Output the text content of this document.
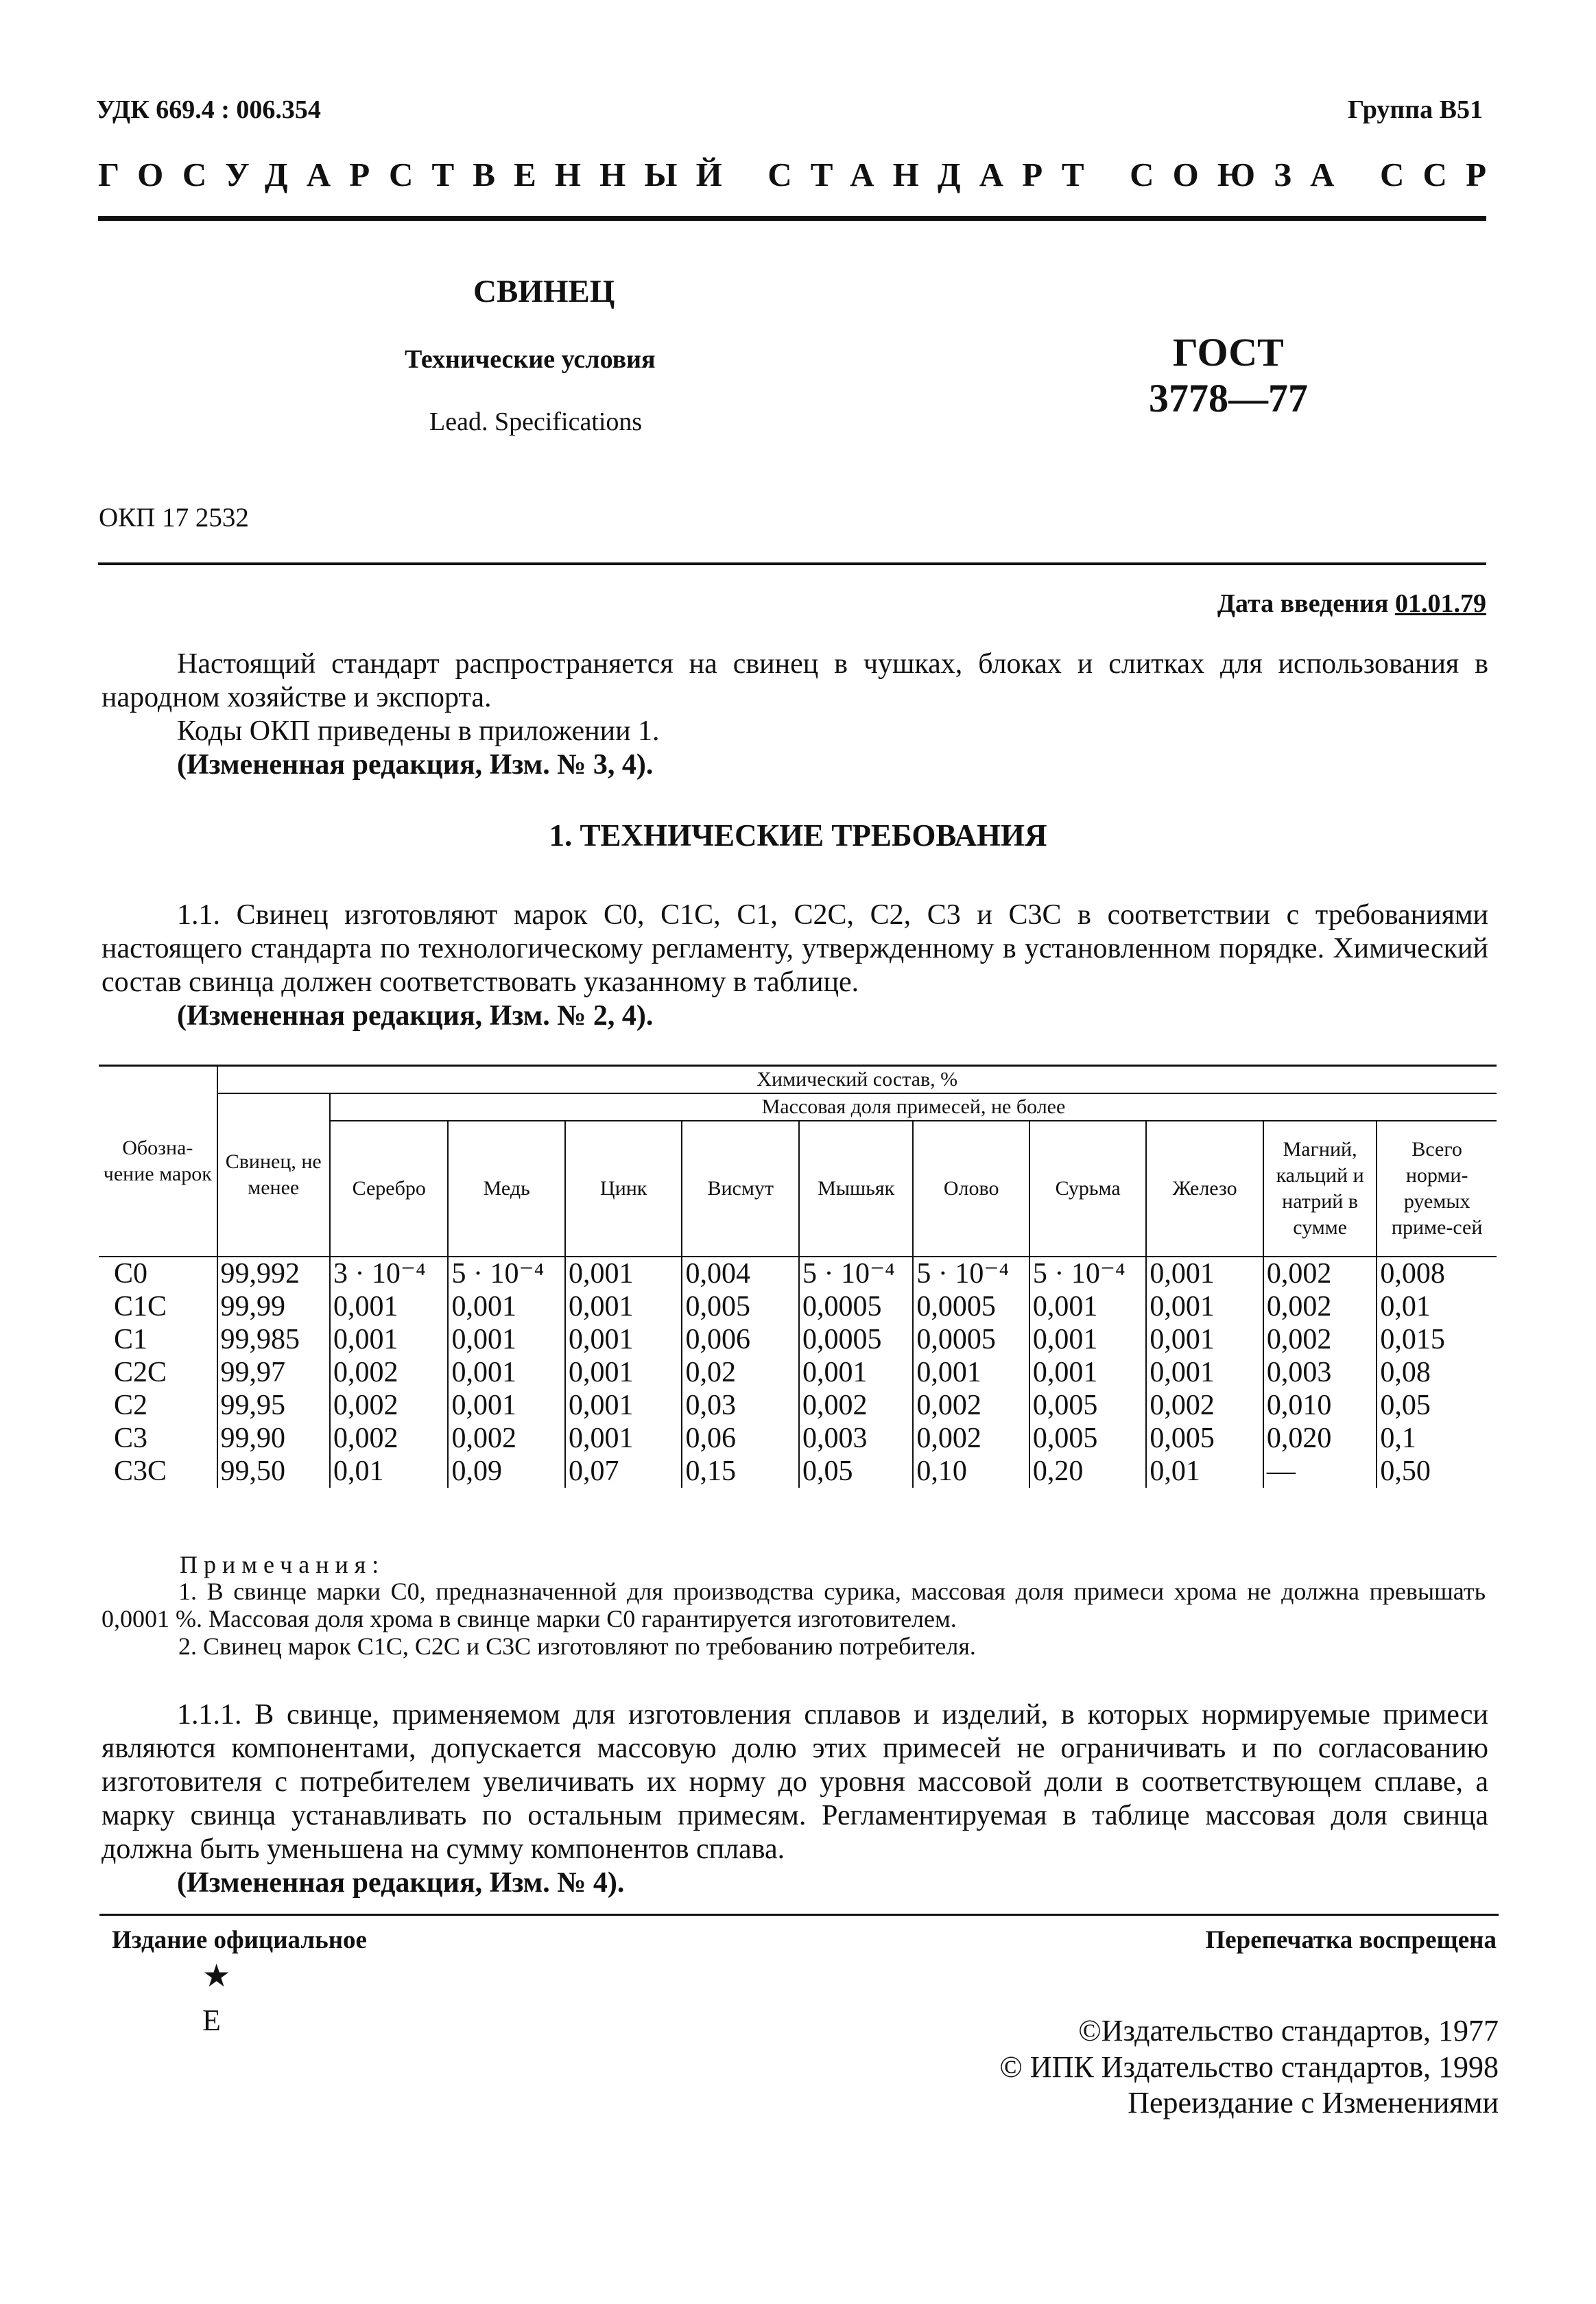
УДК 669.4 : 006.354	Группа В51
ГОСУДАРСТВЕННЫЙ СТАНДАРТ СОЮЗА ССР
СВИНЕЦ
Технические условия
Lead. Specifications
ГОСТ
3778—77
ОКП 17 2532
Дата введения 01.01.79

Настоящий стандарт распространяется на свинец в чушках, блоках и слитках для использования в народном хозяйстве и экспорта.

Коды ОКП приведены в приложении 1.

(Измененная редакция, Изм. № 3, 4).

1. ТЕХНИЧЕСКИЕ ТРЕБОВАНИЯ

1.1. Свинец изготовляют марок С0, С1С, С1, С2С, С2, С3 и С3С в соответствии с требованиями настоящего стандарта по технологическому регламенту, утвержденному в установленном порядке. Химический состав свинца должен соответствовать указанному в таблице.

(Измененная редакция, Изм. № 2, 4).

Обозна-чение марок	Химический состав, %										
	Свинец, не менее	Массовая доля примесей, не более									
		Серебро	Медь	Цинк	Висмут	Мышьяк	Олово	Сурьма	Железо	Магний, кальций и натрий в сумме	Всего норми-руемых приме-сей
С0	99,992	3 · 10⁻⁴	5 · 10⁻⁴	0,001	0,004	5 · 10⁻⁴	5 · 10⁻⁴	5 · 10⁻⁴	0,001	0,002	0,008
С1С	99,99	0,001	0,001	0,001	0,005	0,0005	0,0005	0,001	0,001	0,002	0,01
С1	99,985	0,001	0,001	0,001	0,006	0,0005	0,0005	0,001	0,001	0,002	0,015
С2С	99,97	0,002	0,001	0,001	0,02	0,001	0,001	0,001	0,001	0,003	0,08
С2	99,95	0,002	0,001	0,001	0,03	0,002	0,002	0,005	0,002	0,010	0,05
С3	99,90	0,002	0,002	0,001	0,06	0,003	0,002	0,005	0,005	0,020	0,1
С3С	99,50	0,01	0,09	0,07	0,15	0,05	0,10	0,20	0,01	—	0,50
Примечания:
1. В свинце марки С0, предназначенной для производства сурика, массовая доля примеси хрома не должна превышать 0,0001 %. Массовая доля хрома в свинце марки С0 гарантируется изготовителем.
2. Свинец марок С1С, С2С и С3С изготовляют по требованию потребителя.

1.1.1. В свинце, применяемом для изготовления сплавов и изделий, в которых нормируемые примеси являются компонентами, допускается массовую долю этих примесей не ограничивать и по согласованию изготовителя с потребителем увеличивать их норму до уровня массовой доли в соответствующем сплаве, а марку свинца устанавливать по остальным примесям. Регламентируемая в таблице массовая доля свинца должна быть уменьшена на сумму компонентов сплава.

(Измененная редакция, Изм. № 4).

Издание официальное	Перепечатка воспрещена
★
Е	©Издательство стандартов, 1977
© ИПК Издательство стандартов, 1998
Переиздание с Изменениями
